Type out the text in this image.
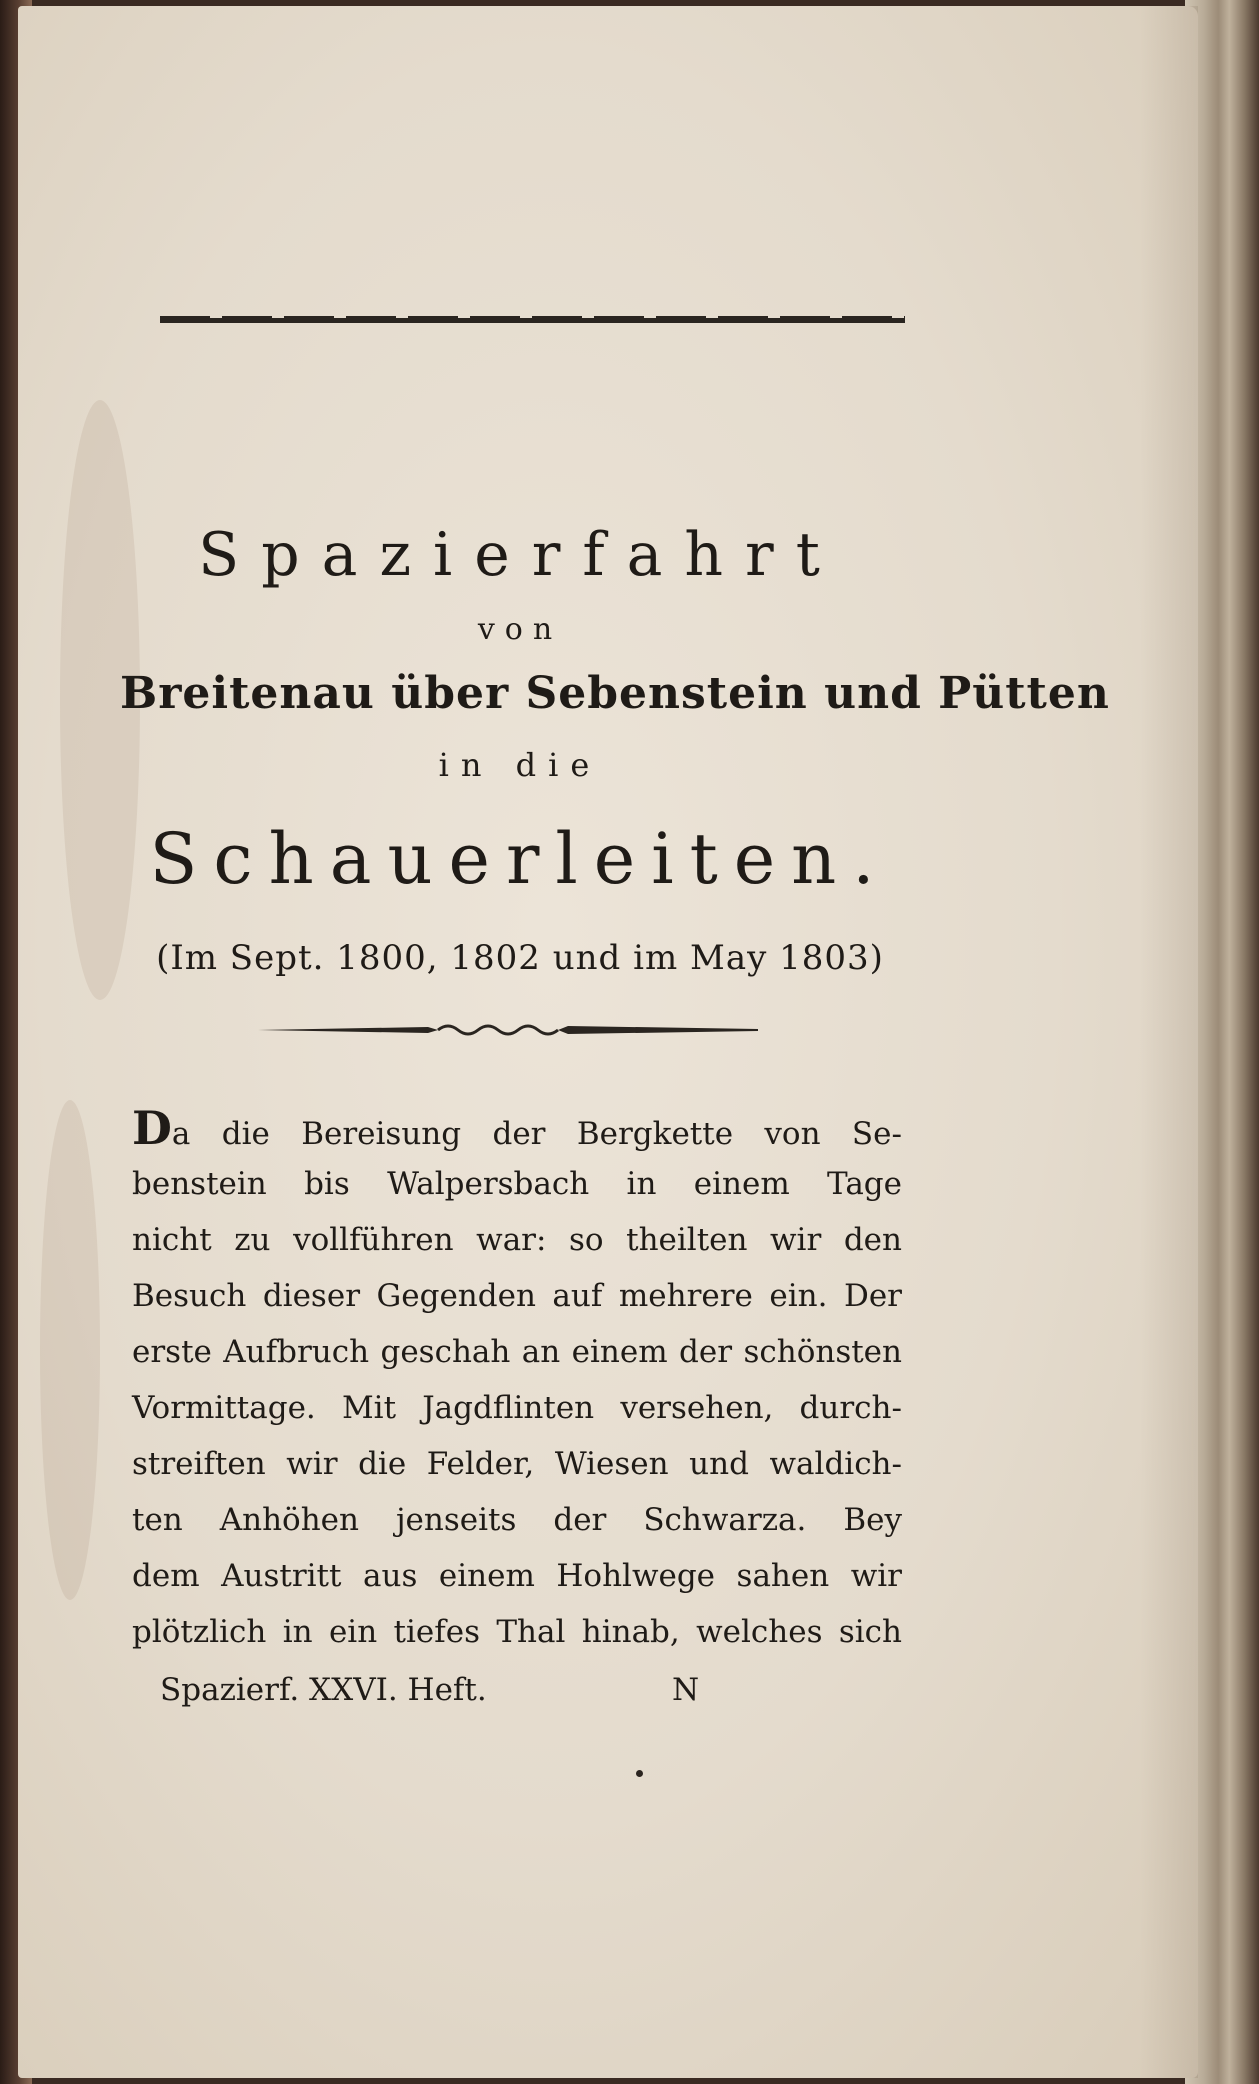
Spazierfahrt
von
Breitenau über Sebenstein und Pütten
in die
Schauerleiten.
(Im Sept. 1800, 1802 und im May 1803)
Da die Bereisung der Bergkette von Se-
benstein bis Walpersbach in einem Tage
nicht zu vollführen war: so theilten wir den
Besuch dieser Gegenden auf mehrere ein. Der
erste Aufbruch geschah an einem der schönsten
Vormittage. Mit Jagdflinten versehen, durch-
streiften wir die Felder, Wiesen und waldich-
ten Anhöhen jenseits der Schwarza. Bey
dem Austritt aus einem Hohlwege sahen wir
plötzlich in ein tiefes Thal hinab, welches sich
Spazierf. XXVI. Heft.	N
